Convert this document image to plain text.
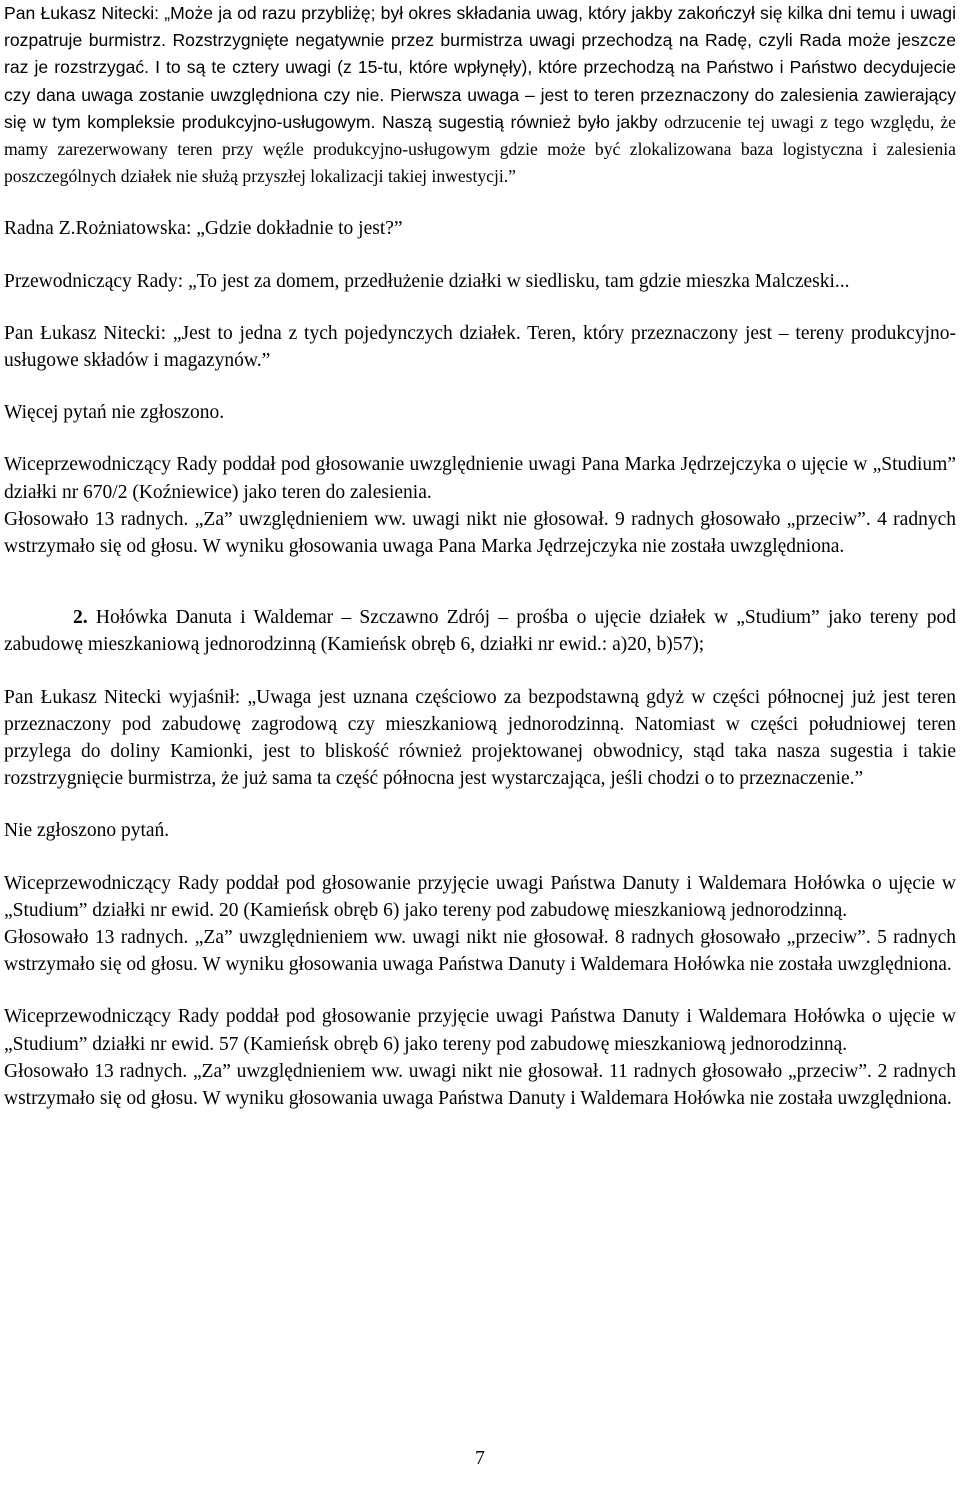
Pan Łukasz Nitecki: „Może ja od razu przybliżę; był okres składania uwag, który jakby zakończył się kilka dni temu i uwagi rozpatruje burmistrz. Rozstrzygnięte negatywnie przez burmistrza uwagi przechodzą na Radę, czyli Rada może jeszcze raz je rozstrzygać. I to są te cztery uwagi (z 15-tu, które wpłynęły), które przechodzą na Państwo i Państwo decydujecie czy dana uwaga zostanie uwzględniona czy nie. Pierwsza uwaga – jest to teren przeznaczony do zalesienia zawierający się w tym kompleksie produkcyjno-usługowym. Naszą sugestią również było jakby odrzucenie tej uwagi z tego względu, że mamy zarezerwowany teren przy węźle produkcyjno-usługowym gdzie może być zlokalizowana baza logistyczna i zalesienia poszczególnych działek nie służą przyszłej lokalizacji takiej inwestycji.”

Radna Z.Rożniatowska: „Gdzie dokładnie to jest?”

Przewodniczący Rady: „To jest za domem, przedłużenie działki w siedlisku, tam gdzie mieszka Malczeski...

Pan Łukasz Nitecki: „Jest to jedna z tych pojedynczych działek. Teren, który przeznaczony jest – tereny produkcyjno-usługowe składów i magazynów.”

Więcej pytań nie zgłoszono.

Wiceprzewodniczący Rady poddał pod głosowanie uwzględnienie uwagi Pana Marka Jędrzejczyka o ujęcie w „Studium” działki nr 670/2 (Koźniewice) jako teren do zalesienia.

Głosowało 13 radnych. „Za” uwzględnieniem ww. uwagi nikt nie głosował. 9 radnych głosowało „przeciw”. 4 radnych wstrzymało się od głosu. W wyniku głosowania uwaga Pana Marka Jędrzejczyka nie została uwzględniona.

2. Hołówka Danuta i Waldemar – Szczawno Zdrój – prośba o ujęcie działek w „Studium” jako tereny pod zabudowę mieszkaniową jednorodzinną (Kamieńsk obręb 6, działki nr ewid.: a)20, b)57);

Pan Łukasz Nitecki wyjaśnił: „Uwaga jest uznana częściowo za bezpodstawną gdyż w części północnej już jest teren przeznaczony pod zabudowę zagrodową czy mieszkaniową jednorodzinną. Natomiast w części południowej teren przylega do doliny Kamionki, jest to bliskość również projektowanej obwodnicy, stąd taka nasza sugestia i takie rozstrzygnięcie burmistrza, że już sama ta część północna jest wystarczająca, jeśli chodzi o to przeznaczenie.”

Nie zgłoszono pytań.

Wiceprzewodniczący Rady poddał pod głosowanie przyjęcie uwagi Państwa Danuty i Waldemara Hołówka o ujęcie w „Studium” działki nr ewid. 20 (Kamieńsk obręb 6) jako tereny pod zabudowę mieszkaniową jednorodzinną.

Głosowało 13 radnych. „Za” uwzględnieniem ww. uwagi nikt nie głosował. 8 radnych głosowało „przeciw”. 5 radnych wstrzymało się od głosu. W wyniku głosowania uwaga Państwa Danuty i Waldemara Hołówka nie została uwzględniona.

Wiceprzewodniczący Rady poddał pod głosowanie przyjęcie uwagi Państwa Danuty i Waldemara Hołówka o ujęcie w „Studium” działki nr ewid. 57 (Kamieńsk obręb 6) jako tereny pod zabudowę mieszkaniową jednorodzinną.

Głosowało 13 radnych. „Za” uwzględnieniem ww. uwagi nikt nie głosował. 11 radnych głosowało „przeciw”. 2 radnych wstrzymało się od głosu. W wyniku głosowania uwaga Państwa Danuty i Waldemara Hołówka nie została uwzględniona.

7
